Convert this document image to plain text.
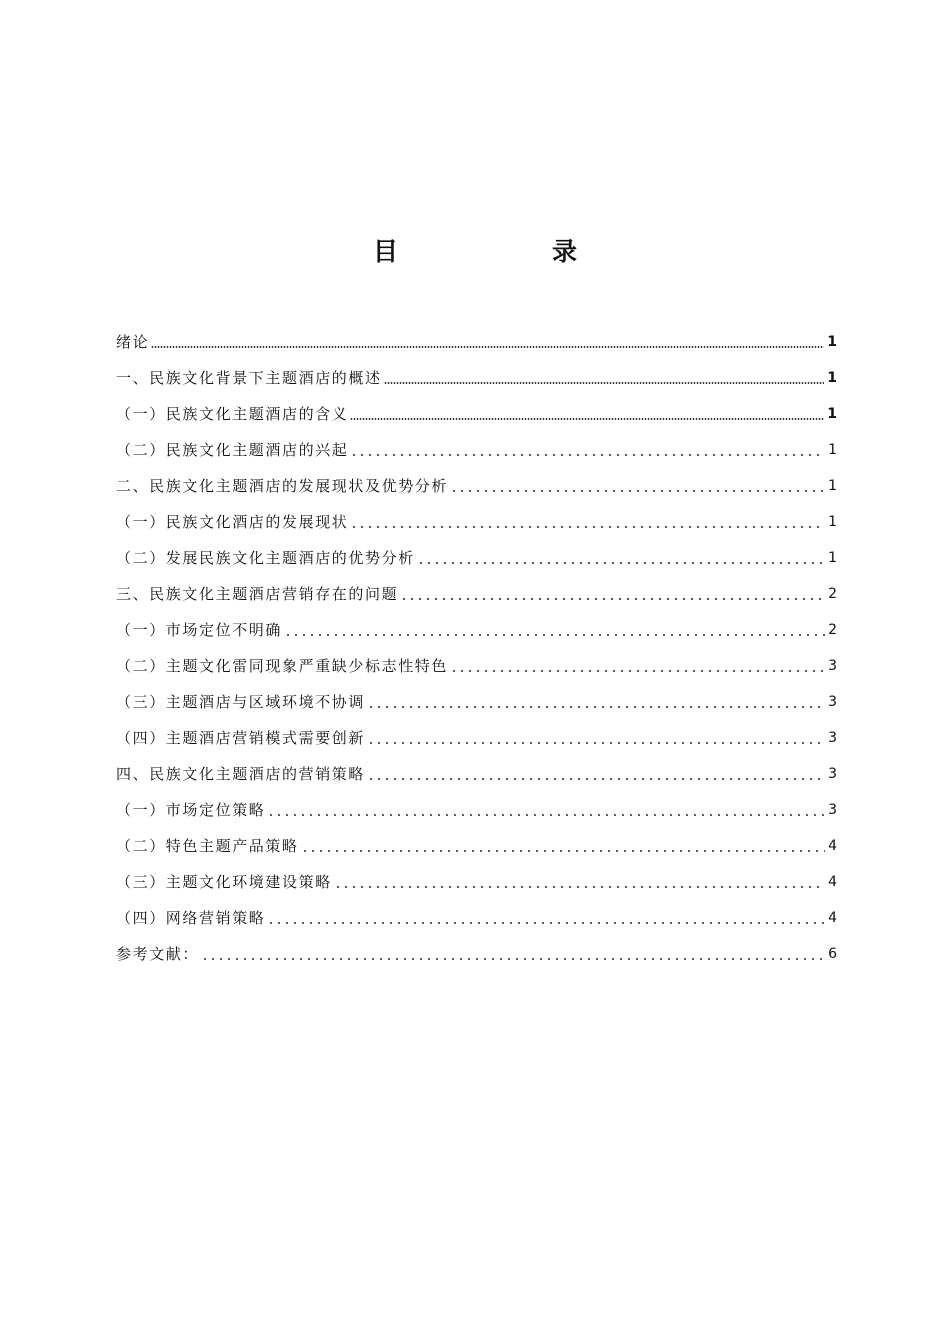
目	录
绪论	1
一、民族文化背景下主题酒店的概述	1
（一）民族文化主题酒店的含义	1
（二）民族文化主题酒店的兴起	1
二、民族文化主题酒店的发展现状及优势分析	1
（一）民族文化酒店的发展现状	1
（二）发展民族文化主题酒店的优势分析	1
三、民族文化主题酒店营销存在的问题	2
（一）市场定位不明确	2
（二）主题文化雷同现象严重缺少标志性特色	3
（三）主题酒店与区域环境不协调	3
（四）主题酒店营销模式需要创新	3
四、民族文化主题酒店的营销策略	3
（一）市场定位策略	3
（二）特色主题产品策略	4
（三）主题文化环境建设策略	4
（四）网络营销策略	4
参考文献：	6
